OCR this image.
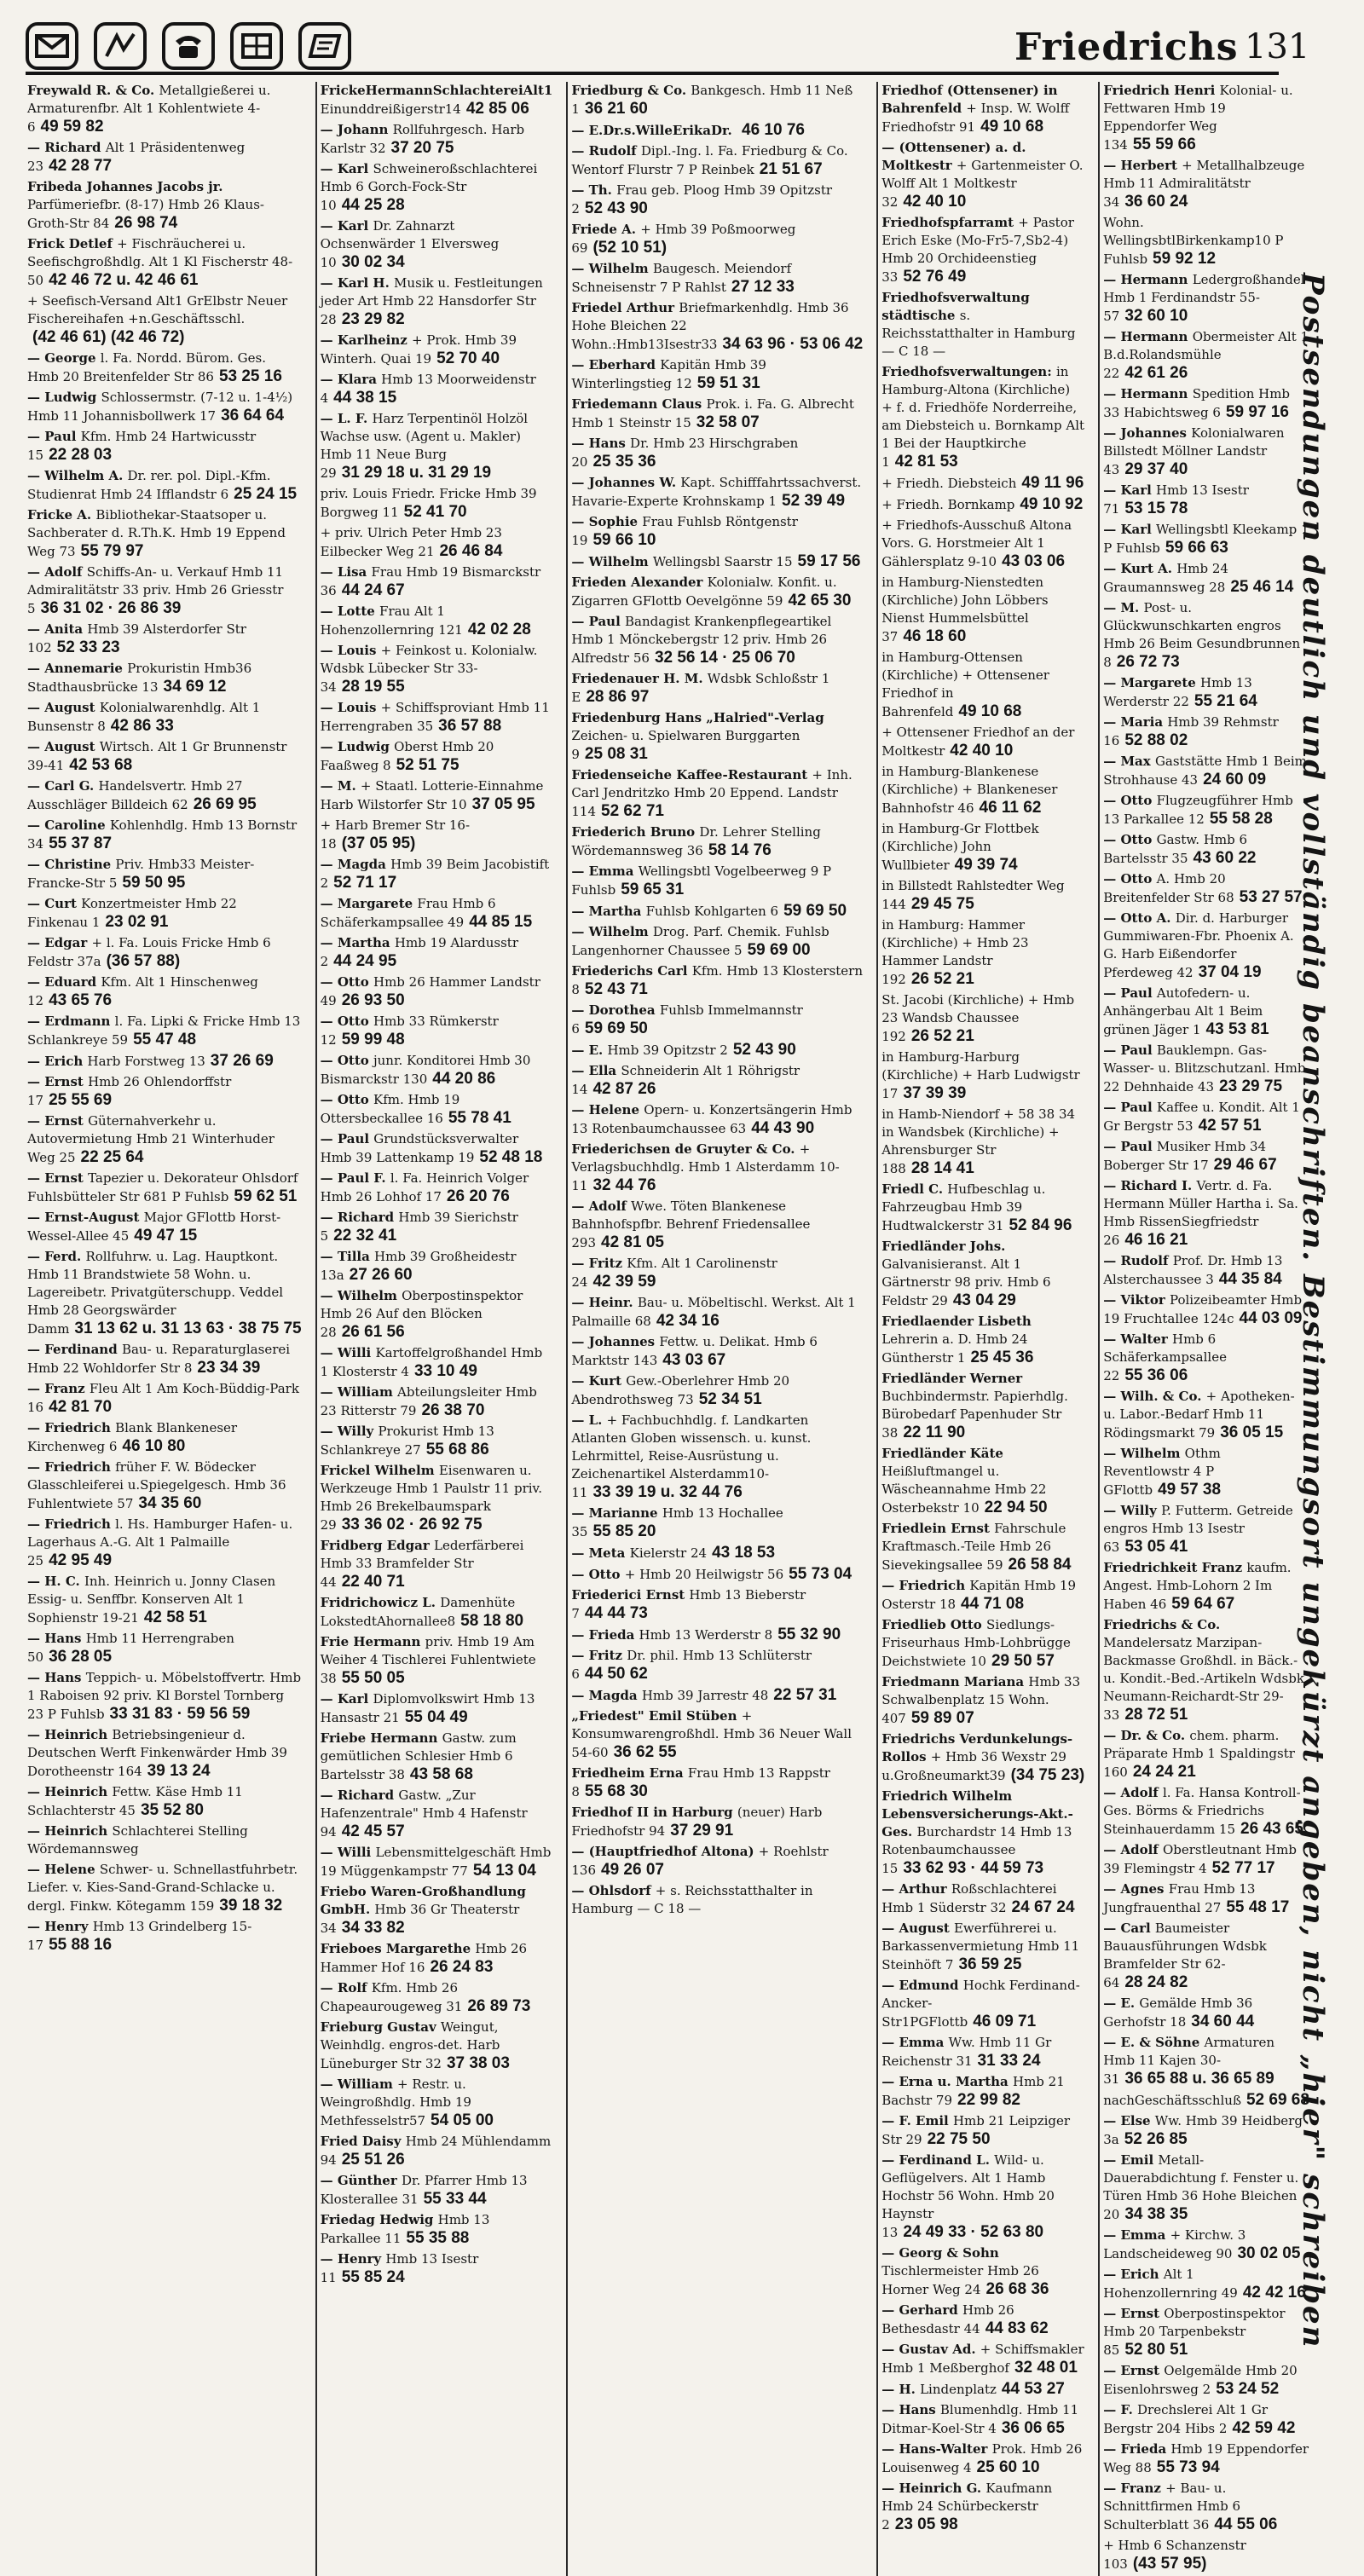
Friedrichs 131
Freywald R. & Co. Metallgießerei u. Armaturenfbr. Alt 1 Kohlentwiete 4-6 49 59 82
— Richard Alt 1 Präsidentenweg 23 42 28 77
Fribeda Johannes Jacobs jr. Parfümeriefbr. (8-17) Hmb 26 Klaus-Groth-Str 84 26 98 74
Frick Detlef + Fischräucherei u. Seefischgroßhdlg. Alt 1 Kl Fischerstr 48-50 42 46 72 u. 42 46 61
+ Seefisch-Versand Alt1 GrElbstr Neuer Fischereihafen +n.Geschäftsschl.(42 46 61) (42 46 72)
— George l. Fa. Nordd. Bürom. Ges. Hmb 20 Breitenfelder Str 86 53 25 16
— Ludwig Schlossermstr. (7-12 u. 1-4½) Hmb 11 Johannisbollwerk 17 36 64 64
— Paul Kfm. Hmb 24 Hartwicusstr 15 22 28 03
— Wilhelm A. Dr. rer. pol. Dipl.-Kfm. Studienrat Hmb 24 Ifflandstr 6 25 24 15
Fricke A. Bibliothekar-Staatsoper u. Sachberater d. R.Th.K. Hmb 19 Eppend Weg 73 55 79 97
— Adolf Schiffs-An- u. Verkauf Hmb 11 Admiralitätstr 33 priv. Hmb 26 Griesstr 5 36 31 02 · 26 86 39
— Anita Hmb 39 Alsterdorfer Str 102 52 33 23
— Annemarie Prokuristin Hmb36 Stadthausbrücke 13 34 69 12
— August Kolonialwarenhdlg. Alt 1 Bunsenstr 8 42 86 33
— August Wirtsch. Alt 1 Gr Brunnenstr 39-41 42 53 68
— Carl G. Handelsvertr. Hmb 27 Ausschläger Billdeich 62 26 69 95
— Caroline Kohlenhdlg. Hmb 13 Bornstr 34 55 37 87
— Christine Priv. Hmb33 Meister-Francke-Str 5 59 50 95
— Curt Konzertmeister Hmb 22 Finkenau 1 23 02 91
— Edgar + l. Fa. Louis Fricke Hmb 6 Feldstr 37a (36 57 88)
— Eduard Kfm. Alt 1 Hinschenweg 12 43 65 76
— Erdmann l. Fa. Lipki & Fricke Hmb 13 Schlankreye 59 55 47 48
— Erich Harb Forstweg 13 37 26 69
— Ernst Hmb 26 Ohlendorffstr 17 25 55 69
— Ernst Güternahverkehr u. Autovermietung Hmb 21 Winterhuder Weg 25 22 25 64
— Ernst Tapezier u. Dekorateur Ohlsdorf Fuhlsbütteler Str 681 P Fuhlsb 59 62 51
— Ernst-August Major GFlottb Horst-Wessel-Allee 45 49 47 15
— Ferd. Rollfuhrw. u. Lag. Hauptkont. Hmb 11 Brandstwiete 58 Wohn. u. Lagereibetr. Privatgüterschupp. Veddel Hmb 28 Georgswärder Damm 31 13 62 u. 31 13 63 · 38 75 75
— Ferdinand Bau- u. Reparaturglaserei Hmb 22 Wohldorfer Str 8 23 34 39
— Franz Fleu Alt 1 Am Koch-Büddig-Park 16 42 81 70
— Friedrich Blank Blankeneser Kirchenweg 6 46 10 80
— Friedrich früher F. W. Bödecker Glasschleiferei u.Spiegelgesch. Hmb 36 Fuhlentwiete 57 34 35 60
— Friedrich l. Hs. Hamburger Hafen- u. Lagerhaus A.-G. Alt 1 Palmaille 25 42 95 49
— H. C. Inh. Heinrich u. Jonny Clasen Essig- u. Senffbr. Konserven Alt 1 Sophienstr 19-21 42 58 51
— Hans Hmb 11 Herrengraben 50 36 28 05
— Hans Teppich- u. Möbelstoffvertr. Hmb 1 Raboisen 92 priv. Kl Borstel Tornberg 23 P Fuhlsb 33 31 83 · 59 56 59
— Heinrich Betriebsingenieur d. Deutschen Werft Finkenwärder Hmb 39 Dorotheenstr 164 39 13 24
— Heinrich Fettw. Käse Hmb 11 Schlachterstr 45 35 52 80
— Heinrich Schlachterei Stelling Wördemannsweg
— Helene Schwer- u. Schnellastfuhrbetr. Liefer. v. Kies-Sand-Grand-Schlacke u. dergl. Finkw. Kötegamm 159 39 18 32
— Henry Hmb 13 Grindelberg 15-17 55 88 16
FrickeHermannSchlachtereiAlt1 Einunddreißigerstr14 42 85 06
— Johann Rollfuhrgesch. Harb Karlstr 32 37 20 75
— Karl Schweineroßschlachterei Hmb 6 Gorch-Fock-Str 10 44 25 28
— Karl Dr. Zahnarzt Ochsenwärder 1 Elversweg 10 30 02 34
— Karl H. Musik u. Festleitungen jeder Art Hmb 22 Hansdorfer Str 28 23 29 82
— Karlheinz + Prok. Hmb 39 Winterh. Quai 19 52 70 40
— Klara Hmb 13 Moorweidenstr 4 44 38 15
— L. F. Harz Terpentinöl Holzöl Wachse usw. (Agent u. Makler) Hmb 11 Neue Burg 29 31 29 18 u. 31 29 19
priv. Louis Friedr. Fricke Hmb 39 Borgweg 11 52 41 70
+ priv. Ulrich Peter Hmb 23 Eilbecker Weg 21 26 46 84
— Lisa Frau Hmb 19 Bismarckstr 36 44 24 67
— Lotte Frau Alt 1 Hohenzollernring 121 42 02 28
— Louis + Feinkost u. Kolonialw. Wdsbk Lübecker Str 33-34 28 19 55
— Louis + Schiffsproviant Hmb 11 Herrengraben 35 36 57 88
— Ludwig Oberst Hmb 20 Faaßweg 8 52 51 75
— M. + Staatl. Lotterie-Einnahme Harb Wilstorfer Str 10 37 05 95
+ Harb Bremer Str 16-18 (37 05 95)
— Magda Hmb 39 Beim Jacobistift 2 52 71 17
— Margarete Frau Hmb 6 Schäferkampsallee 49 44 85 15
— Martha Hmb 19 Alardusstr 2 44 24 95
— Otto Hmb 26 Hammer Landstr 49 26 93 50
— Otto Hmb 33 Rümkerstr 12 59 99 48
— Otto junr. Konditorei Hmb 30 Bismarckstr 130 44 20 86
— Otto Kfm. Hmb 19 Ottersbeckallee 16 55 78 41
— Paul Grundstücksverwalter Hmb 39 Lattenkamp 19 52 48 18
— Paul F. l. Fa. Heinrich Volger Hmb 26 Lohhof 17 26 20 76
— Richard Hmb 39 Sierichstr 5 22 32 41
— Tilla Hmb 39 Großheidestr 13a 27 26 60
— Wilhelm Oberpostinspektor Hmb 26 Auf den Blöcken 28 26 61 56
— Willi Kartoffelgroßhandel Hmb 1 Klosterstr 4 33 10 49
— William Abteilungsleiter Hmb 23 Ritterstr 79 26 38 70
— Willy Prokurist Hmb 13 Schlankreye 27 55 68 86
Frickel Wilhelm Eisenwaren u. Werkzeuge Hmb 1 Paulstr 11 priv. Hmb 26 Brekelbaumspark 29 33 36 02 · 26 92 75
Fridberg Edgar Lederfärberei Hmb 33 Bramfelder Str 44 22 40 71
Fridrichowicz L. Damenhüte LokstedtAhornallee8 58 18 80
Frie Hermann priv. Hmb 19 Am Weiher 4 Tischlerei Fuhlentwiete 38 55 50 05
— Karl Diplomvolkswirt Hmb 13 Hansastr 21 55 04 49
Friebe Hermann Gastw. zum gemütlichen Schlesier Hmb 6 Bartelsstr 38 43 58 68
— Richard Gastw. „Zur Hafenzentrale" Hmb 4 Hafenstr 94 42 45 57
— Willi Lebensmittelgeschäft Hmb 19 Müggenkampstr 77 54 13 04
Friebo Waren-Großhandlung GmbH. Hmb 36 Gr Theaterstr 34 34 33 82
Frieboes Margarethe Hmb 26 Hammer Hof 16 26 24 83
— Rolf Kfm. Hmb 26 Chapeaurougeweg 31 26 89 73
Frieburg Gustav Weingut, Weinhdlg. engros-det. Harb Lüneburger Str 32 37 38 03
— William + Restr. u. Weingroßhdlg. Hmb 19 Methfesselstr57 54 05 00
Fried Daisy Hmb 24 Mühlendamm 94 25 51 26
— Günther Dr. Pfarrer Hmb 13 Klosterallee 31 55 33 44
Friedag Hedwig Hmb 13 Parkallee 11 55 35 88
— Henry Hmb 13 Isestr 11 55 85 24
Friedburg & Co. Bankgesch. Hmb 11 Neß 1 36 21 60
— E.Dr.s.WilleErikaDr. 46 10 76
— Rudolf Dipl.-Ing. l. Fa. Friedburg & Co. Wentorf Flurstr 7 P Reinbek 21 51 67
— Th. Frau geb. Ploog Hmb 39 Opitzstr 2 52 43 90
Friede A. + Hmb 39 Poßmoorweg 69 (52 10 51)
— Wilhelm Baugesch. Meiendorf Schneisenstr 7 P Rahlst 27 12 33
Friedel Arthur Briefmarkenhdlg. Hmb 36 Hohe Bleichen 22 Wohn.:Hmb13Isestr33 34 63 96 · 53 06 42
— Eberhard Kapitän Hmb 39 Winterlingstieg 12 59 51 31
Friedemann Claus Prok. i. Fa. G. Albrecht Hmb 1 Steinstr 15 32 58 07
— Hans Dr. Hmb 23 Hirschgraben 20 25 35 36
— Johannes W. Kapt. Schifffahrtssachverst. Havarie-Experte Krohnskamp 1 52 39 49
— Sophie Frau Fuhlsb Röntgenstr 19 59 66 10
— Wilhelm Wellingsbl Saarstr 15 59 17 56
Frieden Alexander Kolonialw. Konfit. u. Zigarren GFlottb Oevelgönne 59 42 65 30
— Paul Bandagist Krankenpflegeartikel Hmb 1 Mönckebergstr 12 priv. Hmb 26 Alfredstr 56 32 56 14 · 25 06 70
Friedenauer H. M. Wdsbk Schloßstr 1 E 28 86 97
Friedenburg Hans „Halried"-Verlag Zeichen- u. Spielwaren Burggarten 9 25 08 31
Friedenseiche Kaffee-Restaurant + Inh. Carl Jendritzko Hmb 20 Eppend. Landstr 114 52 62 71
Friederich Bruno Dr. Lehrer Stelling Wördemannsweg 36 58 14 76
— Emma Wellingsbtl Vogelbeerweg 9 P Fuhlsb 59 65 31
— Martha Fuhlsb Kohlgarten 6 59 69 50
— Wilhelm Drog. Parf. Chemik. Fuhlsb Langenhorner Chaussee 5 59 69 00
Friederichs Carl Kfm. Hmb 13 Klosterstern 8 52 43 71
— Dorothea Fuhlsb Immelmannstr 6 59 69 50
— E. Hmb 39 Opitzstr 2 52 43 90
— Ella Schneiderin Alt 1 Röhrigstr 14 42 87 26
— Helene Opern- u. Konzertsängerin Hmb 13 Rotenbaumchaussee 63 44 43 90
Friederichsen de Gruyter & Co. + Verlagsbuchhdlg. Hmb 1 Alsterdamm 10-11 32 44 76
— Adolf Wwe. Töten Blankenese Bahnhofspfbr. Behrenf Friedensallee 293 42 81 05
— Fritz Kfm. Alt 1 Carolinenstr 24 42 39 59
— Heinr. Bau- u. Möbeltischl. Werkst. Alt 1 Palmaille 68 42 34 16
— Johannes Fettw. u. Delikat. Hmb 6 Marktstr 143 43 03 67
— Kurt Gew.-Oberlehrer Hmb 20 Abendrothsweg 73 52 34 51
— L. + Fachbuchhdlg. f. Landkarten Atlanten Globen wissensch. u. kunst. Lehrmittel, Reise-Ausrüstung u. Zeichenartikel Alsterdamm10-11 33 39 19 u. 32 44 76
— Marianne Hmb 13 Hochallee 35 55 85 20
— Meta Kielerstr 24 43 18 53
— Otto + Hmb 20 Heilwigstr 56 55 73 04
Friederici Ernst Hmb 13 Bieberstr 7 44 44 73
— Frieda Hmb 13 Werderstr 8 55 32 90
— Fritz Dr. phil. Hmb 13 Schlüterstr 6 44 50 62
— Magda Hmb 39 Jarrestr 48 22 57 31
„Friedest" Emil Stüben + Konsumwarengroßhdl. Hmb 36 Neuer Wall 54-60 36 62 55
Friedheim Erna Frau Hmb 13 Rappstr 8 55 68 30
Friedhof II in Harburg (neuer) Harb Friedhofstr 94 37 29 91
— (Hauptfriedhof Altona) + Roehlstr 136 49 26 07
— Ohlsdorf + s. Reichsstatthalter in Hamburg — C 18 —
Friedhof (Ottensener) in Bahrenfeld + Insp. W. Wolff Friedhofstr 91 49 10 68
— (Ottensener) a. d. Moltkestr + Gartenmeister O. Wolff Alt 1 Moltkestr 32 42 40 10
Friedhofspfarramt + Pastor Erich Eske (Mo-Fr5-7,Sb2-4) Hmb 20 Orchideenstieg 33 52 76 49
Friedhofsverwaltung städtische s. Reichsstatthalter in Hamburg — C 18 —
Friedhofsverwaltungen: in Hamburg-Altona (Kirchliche) + f. d. Friedhöfe Norderreihe, am Diebsteich u. Bornkamp Alt 1 Bei der Hauptkirche 1 42 81 53
+ Friedh. Diebsteich 49 11 96
+ Friedh. Bornkamp 49 10 92
+ Friedhofs-Ausschuß Altona Vors. G. Horstmeier Alt 1 Gählersplatz 9-10 43 03 06
in Hamburg-Nienstedten (Kirchliche) John Löbbers Nienst Hummelsbüttel 37 46 18 60
in Hamburg-Ottensen (Kirchliche) + Ottensener Friedhof in Bahrenfeld 49 10 68
+ Ottensener Friedhof an der Moltkestr 42 40 10
in Hamburg-Blankenese (Kirchliche) + Blankeneser Bahnhofstr 46 46 11 62
in Hamburg-Gr Flottbek (Kirchliche) John Wullbieter 49 39 74
in Billstedt Rahlstedter Weg 144 29 45 75
in Hamburg: Hammer (Kirchliche) + Hmb 23 Hammer Landstr 192 26 52 21
St. Jacobi (Kirchliche) + Hmb 23 Wandsb Chaussee 192 26 52 21
in Hamburg-Harburg (Kirchliche) + Harb Ludwigstr 17 37 39 39
in Hamb-Niendorf + 58 38 34 in Wandsbek (Kirchliche) + Ahrensburger Str 188 28 14 41
Friedl C. Hufbeschlag u. Fahrzeugbau Hmb 39 Hudtwalckerstr 31 52 84 96
Friedländer Johs. Galvanisieranst. Alt 1 Gärtnerstr 98 priv. Hmb 6 Feldstr 29 43 04 29
Friedlaender Lisbeth Lehrerin a. D. Hmb 24 Güntherstr 1 25 45 36
Friedländer Werner Buchbindermstr. Papierhdlg. Bürobedarf Papenhuder Str 38 22 11 90
Friedländer Käte Heißluftmangel u. Wäscheannahme Hmb 22 Osterbekstr 10 22 94 50
Friedlein Ernst Fahrschule Kraftmasch.-Teile Hmb 26 Sievekingsallee 59 26 58 84
— Friedrich Kapitän Hmb 19 Osterstr 18 44 71 08
Friedlieb Otto Siedlungs-Friseurhaus Hmb-Lohbrügge Deichstwiete 10 29 50 57
Friedmann Mariana Hmb 33 Schwalbenplatz 15 Wohn. 407 59 89 07
Friedrichs Verdunkelungs-Rollos + Hmb 36 Wexstr 29 u.Großneumarkt39 (34 75 23)
Friedrich Wilhelm Lebensversicherungs-Akt.-Ges. Burchardstr 14 Hmb 13 Rotenbaumchaussee 15 33 62 93 · 44 59 73
— Arthur Roßschlachterei Hmb 1 Süderstr 32 24 67 24
— August Ewerführerei u. Barkassenvermietung Hmb 11 Steinhöft 7 36 59 25
— Edmund Hochk Ferdinand-Ancker-Str1PGFlottb 46 09 71
— Emma Ww. Hmb 11 Gr Reichenstr 31 31 33 24
— Erna u. Martha Hmb 21 Bachstr 79 22 99 82
— F. Emil Hmb 21 Leipziger Str 29 22 75 50
— Ferdinand L. Wild- u. Geflügelvers. Alt 1 Hamb Hochstr 56 Wohn. Hmb 20 Haynstr 13 24 49 33 · 52 63 80
— Georg & Sohn Tischlermeister Hmb 26 Horner Weg 24 26 68 36
— Gerhard Hmb 26 Bethesdastr 44 44 83 62
— Gustav Ad. + Schiffsmakler Hmb 1 Meßberghof 32 48 01
— H. Lindenplatz 44 53 27
— Hans Blumenhdlg. Hmb 11 Ditmar-Koel-Str 4 36 06 65
— Hans-Walter Prok. Hmb 26 Louisenweg 4 25 60 10
— Heinrich G. Kaufmann Hmb 24 Schürbeckerstr 2 23 05 98
Friedrich Henri Kolonial- u. Fettwaren Hmb 19 Eppendorfer Weg 134 55 59 66
— Herbert + Metallhalbzeuge Hmb 11 Admiralitätstr 34 36 60 24
Wohn. WellingsbtlBirkenkamp10 P Fuhlsb 59 92 12
— Hermann Ledergroßhandel Hmb 1 Ferdinandstr 55-57 32 60 10
— Hermann Obermeister Alt 1 B.d.Rolandsmühle 22 42 61 26
— Hermann Spedition Hmb 33 Habichtsweg 6 59 97 16
— Johannes Kolonialwaren Billstedt Möllner Landstr 43 29 37 40
— Karl Hmb 13 Isestr 71 53 15 78
— Karl Wellingsbtl Kleekamp 1 P Fuhlsb 59 66 63
— Kurt A. Hmb 24 Graumannsweg 28 25 46 14
— M. Post- u. Glückwunschkarten engros Hmb 26 Beim Gesundbrunnen 8 26 72 73
— Margarete Hmb 13 Werderstr 22 55 21 64
— Maria Hmb 39 Rehmstr 16 52 88 02
— Max Gaststätte Hmb 1 Beim Strohhause 43 24 60 09
— Otto Flugzeugführer Hmb 13 Parkallee 12 55 58 28
— Otto Gastw. Hmb 6 Bartelsstr 35 43 60 22
— Otto A. Hmb 20 Breitenfelder Str 68 53 27 57
— Otto A. Dir. d. Harburger Gummiwaren-Fbr. Phoenix A. G. Harb Eißendorfer Pferdeweg 42 37 04 19
— Paul Autofedern- u. Anhängerbau Alt 1 Beim grünen Jäger 1 43 53 81
— Paul Bauklempn. Gas- Wasser- u. Blitzschutzanl. Hmb 22 Dehnhaide 43 23 29 75
— Paul Kaffee u. Kondit. Alt 1 Gr Bergstr 53 42 57 51
— Paul Musiker Hmb 34 Boberger Str 17 29 46 67
— Richard I. Vertr. d. Fa. Hermann Müller Hartha i. Sa. Hmb RissenSiegfriedstr 26 46 16 21
— Rudolf Prof. Dr. Hmb 13 Alsterchaussee 3 44 35 84
— Viktor Polizeibeamter Hmb 19 Fruchtallee 124c 44 03 09
— Walter Hmb 6 Schäferkampsallee 22 55 36 06
— Wilh. & Co. + Apotheken- u. Labor.-Bedarf Hmb 11 Rödingsmarkt 79 36 05 15
— Wilhelm Othm Reventlowstr 4 P GFlottb 49 57 38
— Willy P. Futterm. Getreide engros Hmb 13 Isestr 63 53 05 41
Friedrichkeit Franz kaufm. Angest. Hmb-Lohorn 2 Im Haben 46 59 64 67
Friedrichs & Co. Mandelersatz Marzipan-Backmasse Großhdl. in Bäck.- u. Kondit.-Bed.-Artikeln Wdsbk Neumann-Reichardt-Str 29-33 28 72 51
— Dr. & Co. chem. pharm. Präparate Hmb 1 Spaldingstr 160 24 24 21
— Adolf l. Fa. Hansa Kontroll-Ges. Börms & Friedrichs Steinhauerdamm 15 26 43 65
— Adolf Oberstleutnant Hmb 39 Flemingstr 4 52 77 17
— Agnes Frau Hmb 13 Jungfrauenthal 27 55 48 17
— Carl Baumeister Bauausführungen Wdsbk Bramfelder Str 62-64 28 24 82
— E. Gemälde Hmb 36 Gerhofstr 18 34 60 44
— E. & Söhne Armaturen Hmb 11 Kajen 30-31 36 65 88 u. 36 65 89
nachGeschäftsschluß 52 69 68
— Else Ww. Hmb 39 Heidberg 3a 52 26 85
— Emil Metall-Dauerabdichtung f. Fenster u. Türen Hmb 36 Hohe Bleichen 20 34 38 35
— Emma + Kirchw. 3 Landscheideweg 90 30 02 05
— Erich Alt 1 Hohenzollernring 49 42 42 16
— Ernst Oberpostinspektor Hmb 20 Tarpenbekstr 85 52 80 51
— Ernst Oelgemälde Hmb 20 Eisenlohrsweg 2 53 24 52
— F. Drechslerei Alt 1 Gr Bergstr 204 Hibs 2 42 59 42
— Frieda Hmb 19 Eppendorfer Weg 88 55 73 94
— Franz + Bau- u. Schnittfirmen Hmb 6 Schulterblatt 36 44 55 06
+ Hmb 6 Schanzenstr 103 (43 57 95)
Postsendungen deutlich und vollständig beanschriften. Bestimmungsort ungekürzt angeben, nicht „hier" schreiben
